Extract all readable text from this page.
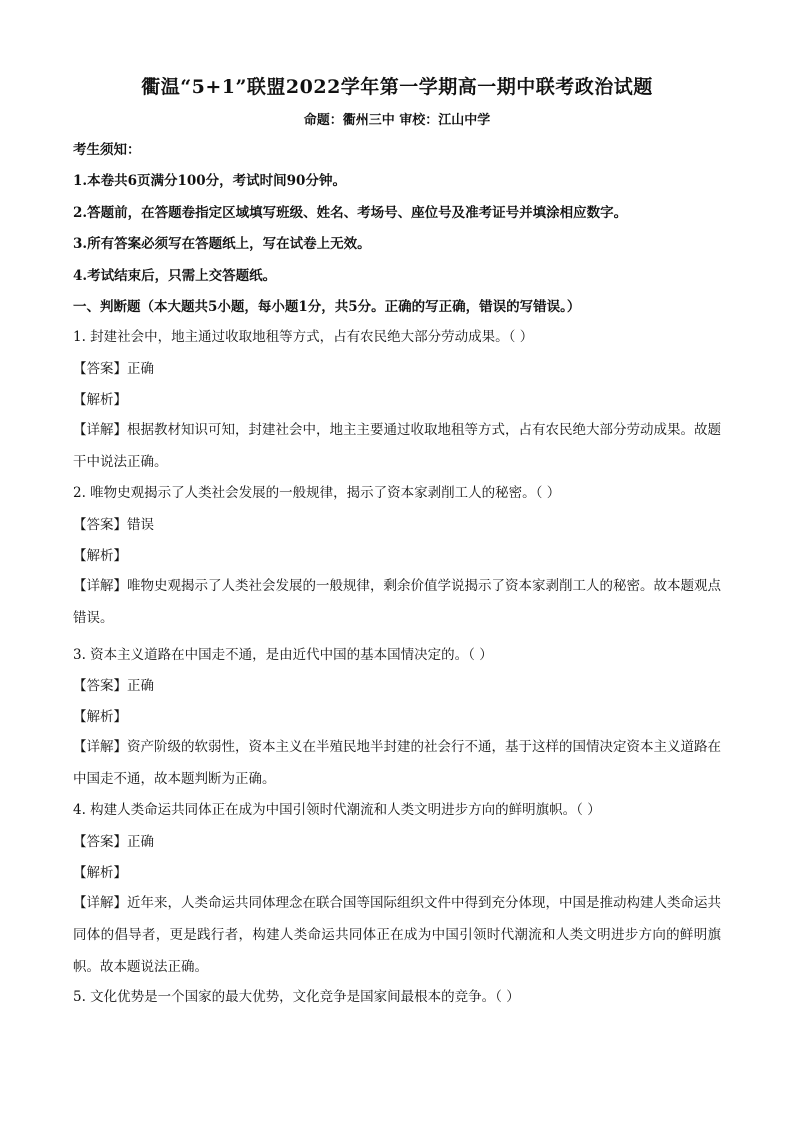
衢温“5+1”联盟2022学年第一学期高一期中联考政治试题
命题：衢州三中 审校：江山中学
考生须知：
1.本卷共6页满分100分，考试时间90分钟。
2.答题前，在答题卷指定区域填写班级、姓名、考场号、座位号及准考证号并填涂相应数字。
3.所有答案必须写在答题纸上，写在试卷上无效。
4.考试结束后，只需上交答题纸。
一、判断题（本大题共5小题，每小题1分，共5分。正确的写正确，错误的写错误。）
1. 封建社会中，地主通过收取地租等方式，占有农民绝大部分劳动成果。（ ）
【答案】正确
【解析】
【详解】根据教材知识可知，封建社会中，地主主要通过收取地租等方式，占有农民绝大部分劳动成果。故题干中说法正确。
2. 唯物史观揭示了人类社会发展的一般规律，揭示了资本家剥削工人的秘密。（ ）
【答案】错误
【解析】
【详解】唯物史观揭示了人类社会发展的一般规律，剩余价值学说揭示了资本家剥削工人的秘密。故本题观点错误。
3. 资本主义道路在中国走不通，是由近代中国的基本国情决定的。（ ）
【答案】正确
【解析】
【详解】资产阶级的软弱性，资本主义在半殖民地半封建的社会行不通，基于这样的国情决定资本主义道路在中国走不通，故本题判断为正确。
4. 构建人类命运共同体正在成为中国引领时代潮流和人类文明进步方向的鲜明旗帜。（ ）
【答案】正确
【解析】
【详解】近年来，人类命运共同体理念在联合国等国际组织文件中得到充分体现，中国是推动构建人类命运共同体的倡导者，更是践行者，构建人类命运共同体正在成为中国引领时代潮流和人类文明进步方向的鲜明旗帜。故本题说法正确。
5. 文化优势是一个国家的最大优势，文化竞争是国家间最根本的竞争。（ ）
